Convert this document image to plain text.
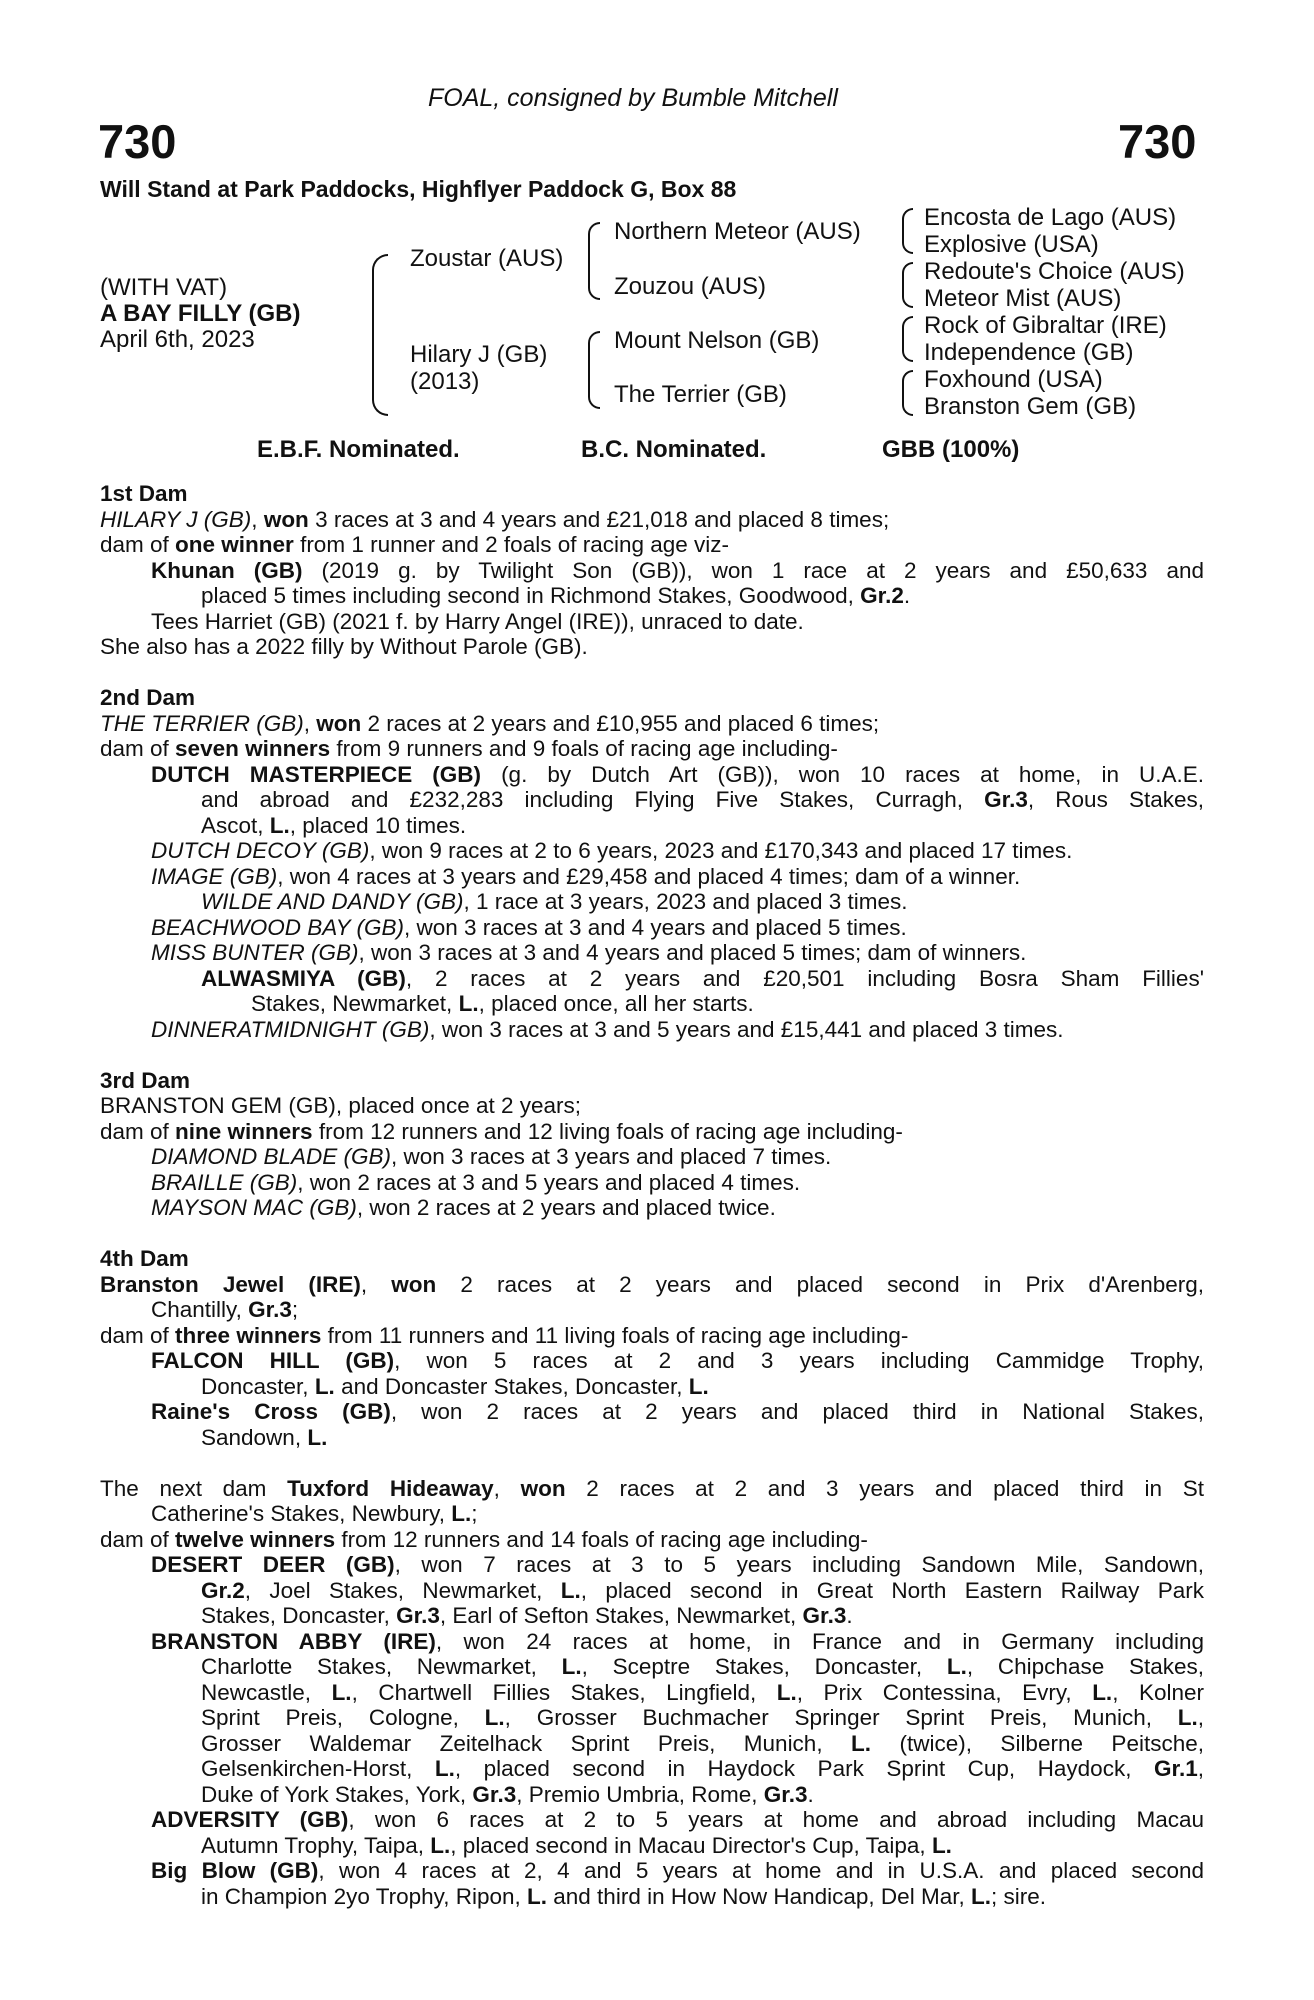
FOAL, consigned by Bumble Mitchell
730	730
Will Stand at Park Paddocks, Highflyer Paddock G, Box 88
(WITH VAT)
A BAY FILLY (GB)
April 6th, 2023
Zoustar (AUS)
Hilary J (GB)
(2013)
Northern Meteor (AUS)
Zouzou (AUS)
Mount Nelson (GB)
The Terrier (GB)
Encosta de Lago (AUS)
Explosive (USA)
Redoute's Choice (AUS)
Meteor Mist (AUS)
Rock of Gibraltar (IRE)
Independence (GB)
Foxhound (USA)
Branston Gem (GB)
E.B.F. Nominated.	B.C. Nominated.	GBB (100%)
1st Dam
HILARY J (GB), won 3 races at 3 and 4 years and £21,018 and placed 8 times;
dam of one winner from 1 runner and 2 foals of racing age viz-
Khunan (GB) (2019 g. by Twilight Son (GB)), won 1 race at 2 years and £50,633 and
placed 5 times including second in Richmond Stakes, Goodwood, Gr.2.
Tees Harriet (GB) (2021 f. by Harry Angel (IRE)), unraced to date.
She also has a 2022 filly by Without Parole (GB).
2nd Dam
THE TERRIER (GB), won 2 races at 2 years and £10,955 and placed 6 times;
dam of seven winners from 9 runners and 9 foals of racing age including-
DUTCH MASTERPIECE (GB) (g. by Dutch Art (GB)), won 10 races at home, in U.A.E.
and abroad and £232,283 including Flying Five Stakes, Curragh, Gr.3, Rous Stakes,
Ascot, L., placed 10 times.
DUTCH DECOY (GB), won 9 races at 2 to 6 years, 2023 and £170,343 and placed 17 times.
IMAGE (GB), won 4 races at 3 years and £29,458 and placed 4 times; dam of a winner.
WILDE AND DANDY (GB), 1 race at 3 years, 2023 and placed 3 times.
BEACHWOOD BAY (GB), won 3 races at 3 and 4 years and placed 5 times.
MISS BUNTER (GB), won 3 races at 3 and 4 years and placed 5 times; dam of winners.
ALWASMIYA (GB), 2 races at 2 years and £20,501 including Bosra Sham Fillies'
Stakes, Newmarket, L., placed once, all her starts.
DINNERATMIDNIGHT (GB), won 3 races at 3 and 5 years and £15,441 and placed 3 times.
3rd Dam
BRANSTON GEM (GB), placed once at 2 years;
dam of nine winners from 12 runners and 12 living foals of racing age including-
DIAMOND BLADE (GB), won 3 races at 3 years and placed 7 times.
BRAILLE (GB), won 2 races at 3 and 5 years and placed 4 times.
MAYSON MAC (GB), won 2 races at 2 years and placed twice.
4th Dam
Branston Jewel (IRE), won 2 races at 2 years and placed second in Prix d'Arenberg,
Chantilly, Gr.3;
dam of three winners from 11 runners and 11 living foals of racing age including-
FALCON HILL (GB), won 5 races at 2 and 3 years including Cammidge Trophy,
Doncaster, L. and Doncaster Stakes, Doncaster, L.
Raine's Cross (GB), won 2 races at 2 years and placed third in National Stakes,
Sandown, L.
The next dam Tuxford Hideaway, won 2 races at 2 and 3 years and placed third in St
Catherine's Stakes, Newbury, L.;
dam of twelve winners from 12 runners and 14 foals of racing age including-
DESERT DEER (GB), won 7 races at 3 to 5 years including Sandown Mile, Sandown,
Gr.2, Joel Stakes, Newmarket, L., placed second in Great North Eastern Railway Park
Stakes, Doncaster, Gr.3, Earl of Sefton Stakes, Newmarket, Gr.3.
BRANSTON ABBY (IRE), won 24 races at home, in France and in Germany including
Charlotte Stakes, Newmarket, L., Sceptre Stakes, Doncaster, L., Chipchase Stakes,
Newcastle, L., Chartwell Fillies Stakes, Lingfield, L., Prix Contessina, Evry, L., Kolner
Sprint Preis, Cologne, L., Grosser Buchmacher Springer Sprint Preis, Munich, L.,
Grosser Waldemar Zeitelhack Sprint Preis, Munich, L. (twice), Silberne Peitsche,
Gelsenkirchen-Horst, L., placed second in Haydock Park Sprint Cup, Haydock, Gr.1,
Duke of York Stakes, York, Gr.3, Premio Umbria, Rome, Gr.3.
ADVERSITY (GB), won 6 races at 2 to 5 years at home and abroad including Macau
Autumn Trophy, Taipa, L., placed second in Macau Director's Cup, Taipa, L.
Big Blow (GB), won 4 races at 2, 4 and 5 years at home and in U.S.A. and placed second
in Champion 2yo Trophy, Ripon, L. and third in How Now Handicap, Del Mar, L.; sire.
